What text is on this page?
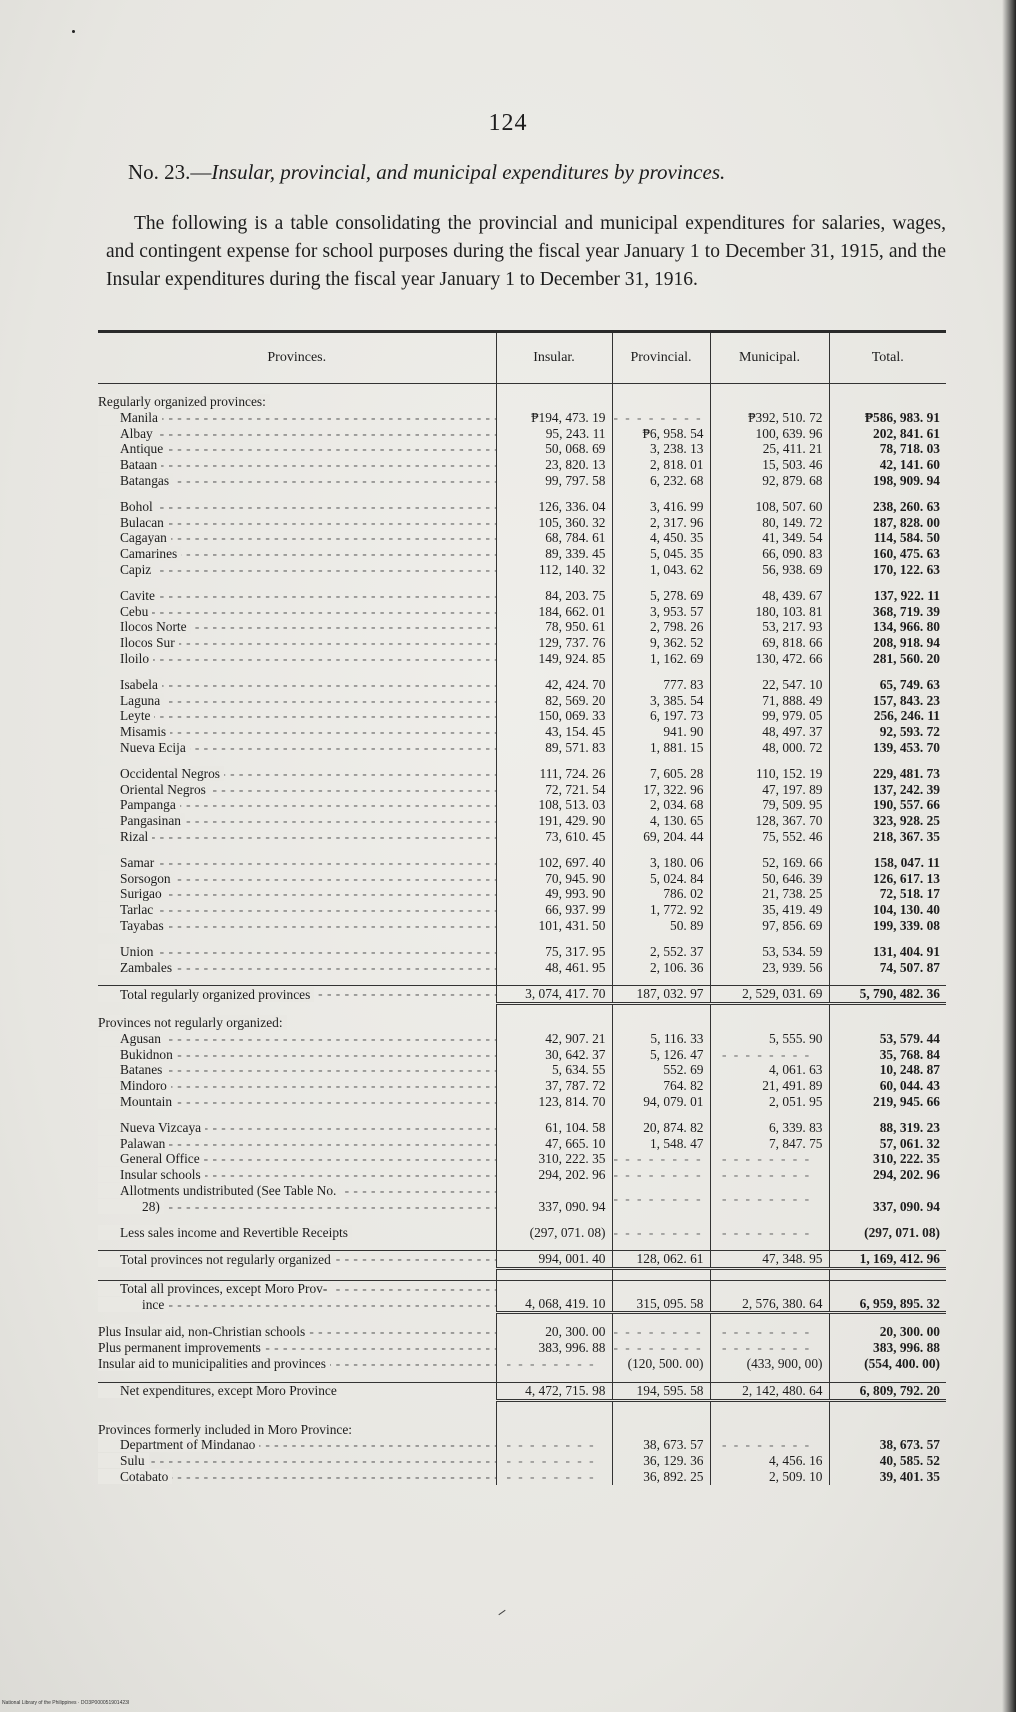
124
No. 23.—Insular, provincial, and municipal expenditures by provinces.
The following is a table consolidating the provincial and municipal expenditures for salaries, wages, and contingent expense for school purposes during the fiscal year January 1 to December 31, 1915, and the Insular expenditures during the fiscal year January 1 to December 31, 1916.
Provinces.	Insular.	Provincial.	Municipal.	Total.

Regularly organized provinces:				
Manila - - -	₱194, 473. 19	- - - - - - - -	₱392, 510. 72	₱586, 983. 91
Albay - - -	95, 243. 11	₱6, 958. 54	100, 639. 96	202, 841. 61
Antique - - -	50, 068. 69	3, 238. 13	25, 411. 21	78, 718. 03
Bataan - - -	23, 820. 13	2, 818. 01	15, 503. 46	42, 141. 60
Batangas - - -	99, 797. 58	6, 232. 68	92, 879. 68	198, 909. 94

Bohol - - -	126, 336. 04	3, 416. 99	108, 507. 60	238, 260. 63
Bulacan - - -	105, 360. 32	2, 317. 96	80, 149. 72	187, 828. 00
Cagayan - - -	68, 784. 61	4, 450. 35	41, 349. 54	114, 584. 50
Camarines - - -	89, 339. 45	5, 045. 35	66, 090. 83	160, 475. 63
Capiz - - -	112, 140. 32	1, 043. 62	56, 938. 69	170, 122. 63

Cavite - - -	84, 203. 75	5, 278. 69	48, 439. 67	137, 922. 11
Cebu - - -	184, 662. 01	3, 953. 57	180, 103. 81	368, 719. 39
Ilocos Norte - - -	78, 950. 61	2, 798. 26	53, 217. 93	134, 966. 80
Ilocos Sur - - -	129, 737. 76	9, 362. 52	69, 818. 66	208, 918. 94
Iloilo - - -	149, 924. 85	1, 162. 69	130, 472. 66	281, 560. 20

Isabela - - -	42, 424. 70	777. 83	22, 547. 10	65, 749. 63
Laguna - - -	82, 569. 20	3, 385. 54	71, 888. 49	157, 843. 23
Leyte - - -	150, 069. 33	6, 197. 73	99, 979. 05	256, 246. 11
Misamis - - -	43, 154. 45	941. 90	48, 497. 37	92, 593. 72
Nueva Ecija - - -	89, 571. 83	1, 881. 15	48, 000. 72	139, 453. 70

Occidental Negros - - -	111, 724. 26	7, 605. 28	110, 152. 19	229, 481. 73
Oriental Negros - - -	72, 721. 54	17, 322. 96	47, 197. 89	137, 242. 39
Pampanga - - -	108, 513. 03	2, 034. 68	79, 509. 95	190, 557. 66
Pangasinan - - -	191, 429. 90	4, 130. 65	128, 367. 70	323, 928. 25
Rizal - - -	73, 610. 45	69, 204. 44	75, 552. 46	218, 367. 35

Samar - - -	102, 697. 40	3, 180. 06	52, 169. 66	158, 047. 11
Sorsogon - - -	70, 945. 90	5, 024. 84	50, 646. 39	126, 617. 13
Surigao - - -	49, 993. 90	786. 02	21, 738. 25	72, 518. 17
Tarlac - - -	66, 937. 99	1, 772. 92	35, 419. 49	104, 130. 40
Tayabas - - -	101, 431. 50	50. 89	97, 856. 69	199, 339. 08

Union - - -	75, 317. 95	2, 552. 37	53, 534. 59	131, 404. 91
Zambales - - -	48, 461. 95	2, 106. 36	23, 939. 56	74, 507. 87

Total regularly organized provinces - - -	3, 074, 417. 70	187, 032. 97	2, 529, 031. 69	5, 790, 482. 36

Provinces not regularly organized:				
Agusan - - -	42, 907. 21	5, 116. 33	5, 555. 90	53, 579. 44
Bukidnon - - -	30, 642. 37	5, 126. 47	- - - - - - - -	35, 768. 84
Batanes - - -	5, 634. 55	552. 69	4, 061. 63	10, 248. 87
Mindoro - - -	37, 787. 72	764. 82	21, 491. 89	60, 044. 43
Mountain - - -	123, 814. 70	94, 079. 01	2, 051. 95	219, 945. 66

Nueva Vizcaya - - -	61, 104. 58	20, 874. 82	6, 339. 83	88, 319. 23
Palawan - - -	47, 665. 10	1, 548. 47	7, 847. 75	57, 061. 32
General Office - - -	310, 222. 35	- - - - - - - -	- - - - - - - -	310, 222. 35
Insular schools - - -	294, 202. 96	- - - - - - - -	- - - - - - - -	294, 202. 96

Allotments undistributed (See Table No.
28) - - -
- - -	337, 090. 94	- - - - - - - -	- - - - - - - -	337, 090. 94

Less sales income and Revertible Receipts	(297, 071. 08)	- - - - - - - -	- - - - - - - -	(297, 071. 08)

Total provinces not regularly organized - - -	994, 001. 40	128, 062. 61	47, 348. 95	1, 169, 412. 96

Total all provinces, except Moro Prov-
ince - - -
- - -	4, 068, 419. 10	315, 095. 58	2, 576, 380. 64	6, 959, 895. 32

Plus Insular aid, non-Christian schools - - -	20, 300. 00	- - - - - - - -	- - - - - - - -	20, 300. 00
Plus permanent improvements - - -	383, 996. 88	- - - - - - - -	- - - - - - - -	383, 996. 88
Insular aid to municipalities and provinces - - -	- - - - - - - -	(120, 500. 00)	(433, 900, 00)	(554, 400. 00)

Net expenditures, except Moro Province	4, 472, 715. 98	194, 595. 58	2, 142, 480. 64	6, 809, 792. 20

Provinces formerly included in Moro Province:				
Department of Mindanao - - -	- - - - - - - -	38, 673. 57	- - - - - - - -	38, 673. 57
Sulu - - -	- - - - - - - -	36, 129. 36	4, 456. 16	40, 585. 52
Cotabato - - -	- - - - - - - -	36, 892. 25	2, 509. 10	39, 401. 35
National Library of the Philippines · DO3P000051901423I
